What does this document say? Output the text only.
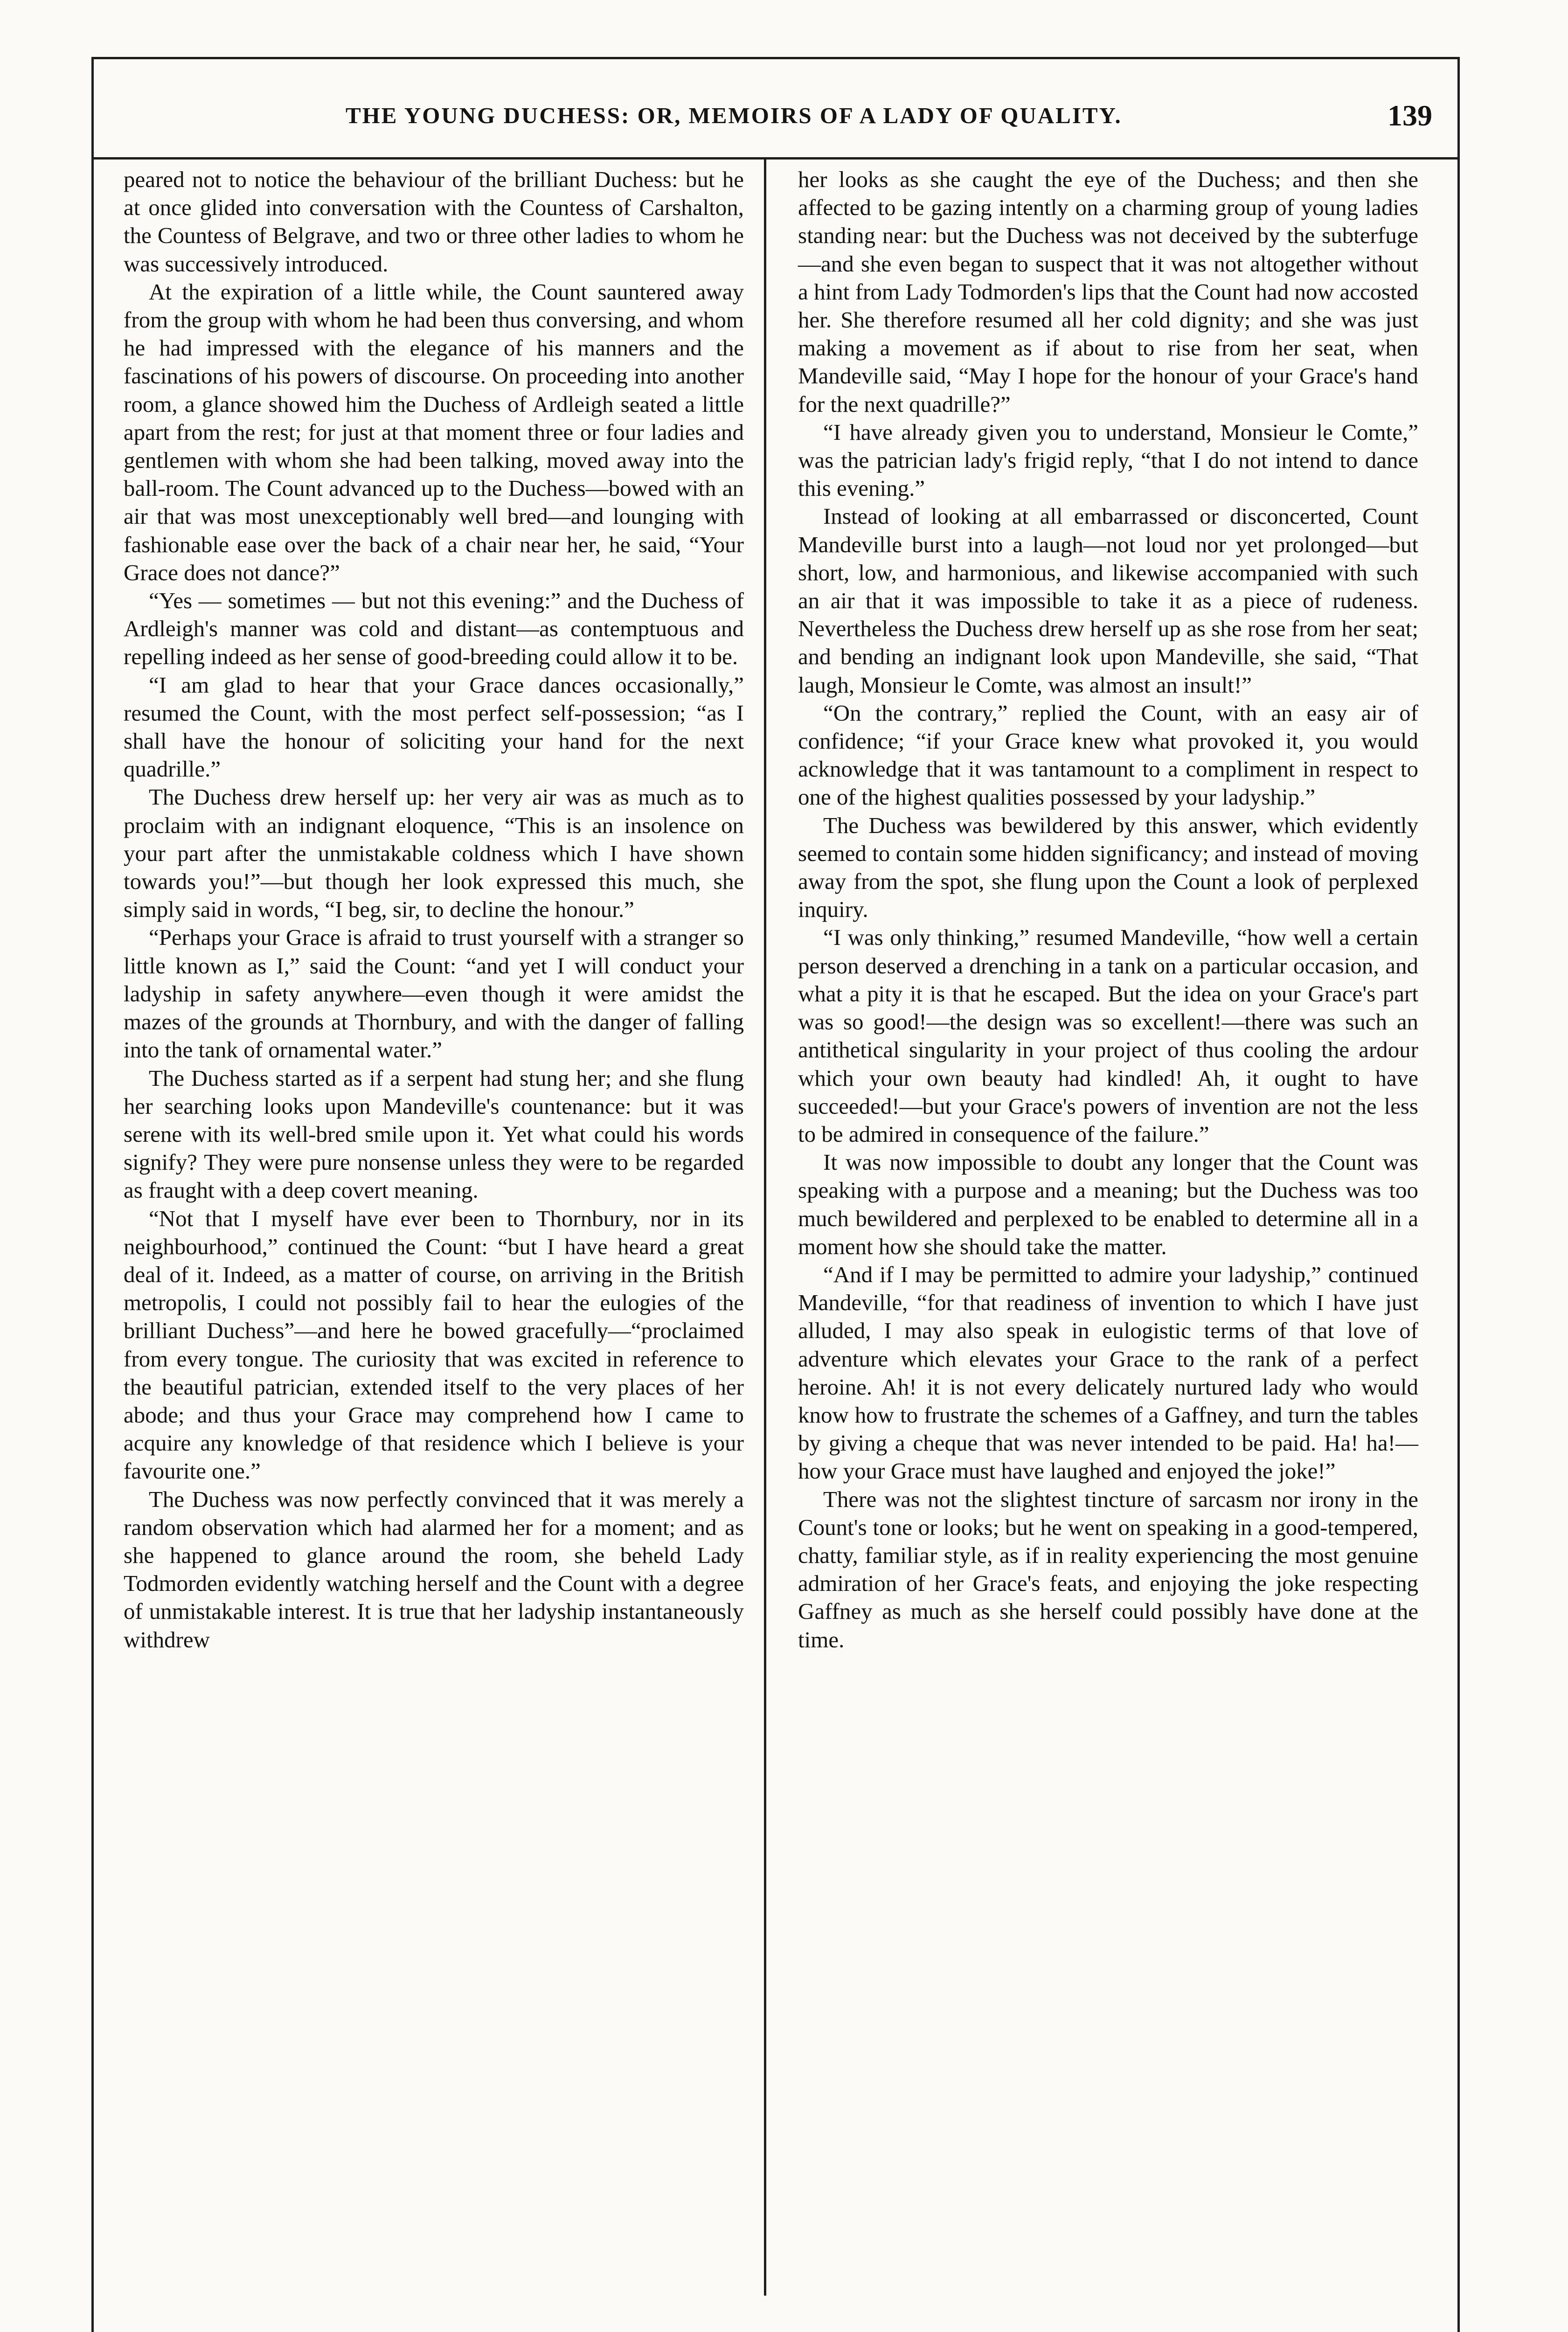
THE YOUNG DUCHESS: OR, MEMOIRS OF A LADY OF QUALITY.	139

peared not to notice the behaviour of the brilliant Duchess: but he at once glided into conversation with the Countess of Carshalton, the Countess of Belgrave, and two or three other ladies to whom he was successively introduced.

At the expiration of a little while, the Count sauntered away from the group with whom he had been thus conversing, and whom he had impressed with the elegance of his manners and the fascinations of his powers of discourse. On proceeding into another room, a glance showed him the Duchess of Ardleigh seated a little apart from the rest; for just at that moment three or four ladies and gentlemen with whom she had been talking, moved away into the ball-room. The Count advanced up to the Duchess—bowed with an air that was most unexceptionably well bred—and lounging with fashionable ease over the back of a chair near her, he said, “Your Grace does not dance?”

“Yes — sometimes — but not this evening:” and the Duchess of Ardleigh's manner was cold and distant—as contemptuous and repelling indeed as her sense of good-breeding could allow it to be.

“I am glad to hear that your Grace dances occasionally,” resumed the Count, with the most perfect self-possession; “as I shall have the honour of soliciting your hand for the next quadrille.”

The Duchess drew herself up: her very air was as much as to proclaim with an indignant eloquence, “This is an insolence on your part after the unmistakable coldness which I have shown towards you!”—but though her look expressed this much, she simply said in words, “I beg, sir, to decline the honour.”

“Perhaps your Grace is afraid to trust yourself with a stranger so little known as I,” said the Count: “and yet I will conduct your ladyship in safety anywhere—even though it were amidst the mazes of the grounds at Thornbury, and with the danger of falling into the tank of ornamental water.”

The Duchess started as if a serpent had stung her; and she flung her searching looks upon Mandeville's countenance: but it was serene with its well-bred smile upon it. Yet what could his words signify? They were pure nonsense unless they were to be regarded as fraught with a deep covert meaning.

“Not that I myself have ever been to Thornbury, nor in its neighbourhood,” continued the Count: “but I have heard a great deal of it. Indeed, as a matter of course, on arriving in the British metropolis, I could not possibly fail to hear the eulogies of the brilliant Duchess”—and here he bowed gracefully—“proclaimed from every tongue. The curiosity that was excited in reference to the beautiful patrician, extended itself to the very places of her abode; and thus your Grace may comprehend how I came to acquire any knowledge of that residence which I believe is your favourite one.”

The Duchess was now perfectly convinced that it was merely a random observation which had alarmed her for a moment; and as she happened to glance around the room, she beheld Lady Todmorden evidently watching herself and the Count with a degree of unmistakable interest. It is true that her ladyship instantaneously withdrew

her looks as she caught the eye of the Duchess; and then she affected to be gazing intently on a charming group of young ladies standing near: but the Duchess was not deceived by the subterfuge—and she even began to suspect that it was not altogether without a hint from Lady Todmorden's lips that the Count had now accosted her. She therefore resumed all her cold dignity; and she was just making a movement as if about to rise from her seat, when Mandeville said, “May I hope for the honour of your Grace's hand for the next quadrille?”

“I have already given you to understand, Monsieur le Comte,” was the patrician lady's frigid reply, “that I do not intend to dance this evening.”

Instead of looking at all embarrassed or disconcerted, Count Mandeville burst into a laugh—not loud nor yet prolonged—but short, low, and harmonious, and likewise accompanied with such an air that it was impossible to take it as a piece of rudeness. Nevertheless the Duchess drew herself up as she rose from her seat; and bending an indignant look upon Mandeville, she said, “That laugh, Monsieur le Comte, was almost an insult!”

“On the contrary,” replied the Count, with an easy air of confidence; “if your Grace knew what provoked it, you would acknowledge that it was tantamount to a compliment in respect to one of the highest qualities possessed by your ladyship.”

The Duchess was bewildered by this answer, which evidently seemed to contain some hidden significancy; and instead of moving away from the spot, she flung upon the Count a look of perplexed inquiry.

“I was only thinking,” resumed Mandeville, “how well a certain person deserved a drenching in a tank on a particular occasion, and what a pity it is that he escaped. But the idea on your Grace's part was so good!—the design was so excellent!—there was such an antithetical singularity in your project of thus cooling the ardour which your own beauty had kindled! Ah, it ought to have succeeded!—but your Grace's powers of invention are not the less to be admired in consequence of the failure.”

It was now impossible to doubt any longer that the Count was speaking with a purpose and a meaning; but the Duchess was too much bewildered and perplexed to be enabled to determine all in a moment how she should take the matter.

“And if I may be permitted to admire your ladyship,” continued Mandeville, “for that readiness of invention to which I have just alluded, I may also speak in eulogistic terms of that love of adventure which elevates your Grace to the rank of a perfect heroine. Ah! it is not every delicately nurtured lady who would know how to frustrate the schemes of a Gaffney, and turn the tables by giving a cheque that was never intended to be paid. Ha! ha!—how your Grace must have laughed and enjoyed the joke!”

There was not the slightest tincture of sarcasm nor irony in the Count's tone or looks; but he went on speaking in a good-tempered, chatty, familiar style, as if in reality experiencing the most genuine admiration of her Grace's feats, and enjoying the joke respecting Gaffney as much as she herself could possibly have done at the time.
